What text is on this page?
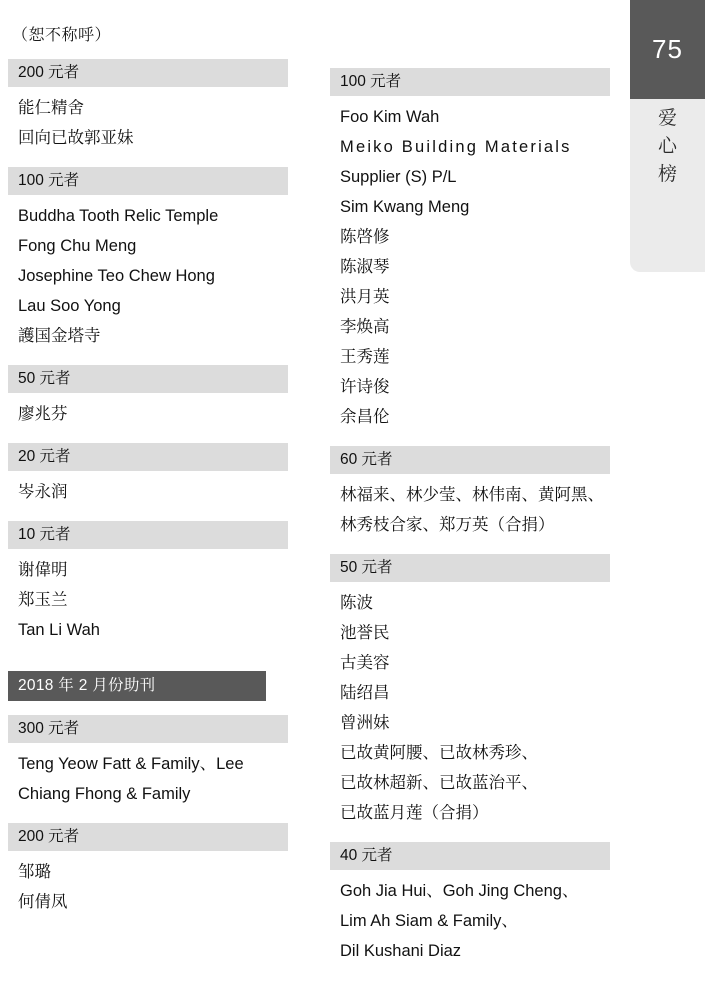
75
爱
心
榜
（恕不称呼）
200 元者
能仁精舍
回向已故郭亚妹
100 元者
Buddha Tooth Relic Temple
Fong Chu Meng
Josephine Teo Chew Hong
Lau Soo Yong
護国金塔寺
50 元者
廖兆芬
20 元者
岑永润
10 元者
谢偉明
郑玉兰
Tan Li Wah
2018 年 2 月份助刊
300 元者
Teng Yeow Fatt & Family、Lee
Chiang Fhong & Family
200 元者
邹璐
何倩凤
100 元者
Foo Kim Wah
Meiko Building Materials
Supplier (S) P/L
Sim Kwang Meng
陈啓修
陈淑琴
洪月英
李焕高
王秀莲
许诗俊
余昌伦
60 元者
林福来、林少莹、林伟南、黄阿黑、
林秀枝合家、郑万英（合捐）
50 元者
陈波
池誉民
古美容
陆绍昌
曾洲妹
已故黄阿腰、已故林秀珍、
已故林超新、已故蓝治平、
已故蓝月莲（合捐）
40 元者
Goh Jia Hui、Goh Jing Cheng、
Lim Ah Siam & Family、
Dil Kushani Diaz
